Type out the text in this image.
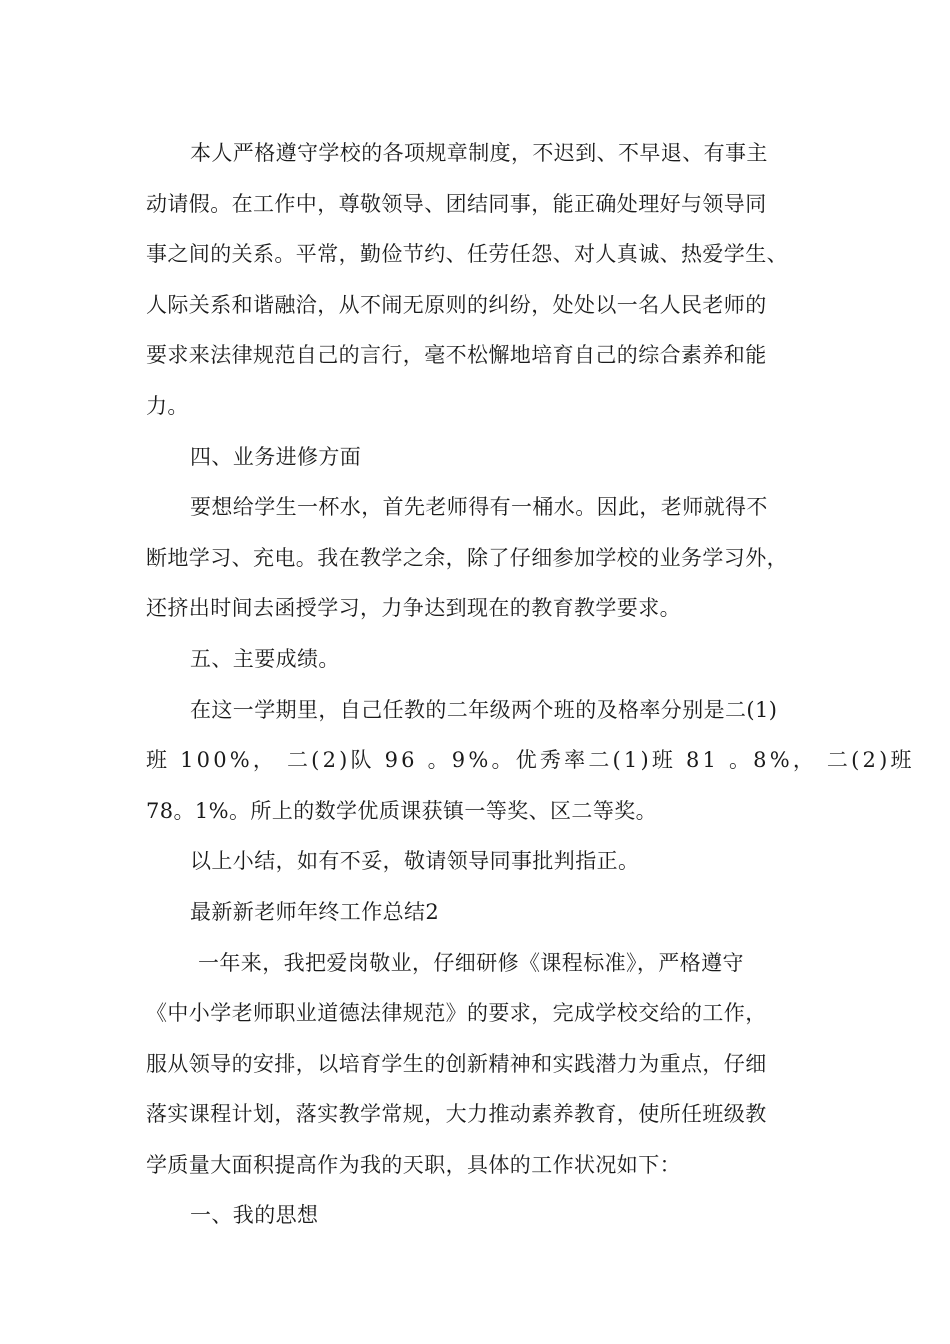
本人严格遵守学校的各项规章制度，不迟到、不早退、有事主
动请假。在工作中，尊敬领导、团结同事，能正确处理好与领导同
事之间的关系。平常，勤俭节约、任劳任怨、对人真诚、热爱学生、
人际关系和谐融洽，从不闹无原则的纠纷，处处以一名人民老师的
要求来法律规范自己的言行，毫不松懈地培育自己的综合素养和能
力。
四、业务进修方面
要想给学生一杯水，首先老师得有一桶水。因此，老师就得不
断地学习、充电。我在教学之余，除了仔细参加学校的业务学习外，
还挤出时间去函授学习，力争达到现在的教育教学要求。
五、主要成绩。
在这一学期里，自己任教的二年级两个班的及格率分别是二(1)
班 100%， 二(2)队 96 。9%。优秀率二(1)班 81 。8%， 二(2)班
78。1%。所上的数学优质课获镇一等奖、区二等奖。
以上小结，如有不妥，敬请领导同事批判指正。
最新新老师年终工作总结2
一年来，我把爱岗敬业，仔细研修《课程标准》，严格遵守
《中小学老师职业道德法律规范》的要求，完成学校交给的工作，
服从领导的安排，以培育学生的创新精神和实践潜力为重点，仔细
落实课程计划，落实教学常规，大力推动素养教育，使所任班级教
学质量大面积提高作为我的天职，具体的工作状况如下：
一、我的思想
